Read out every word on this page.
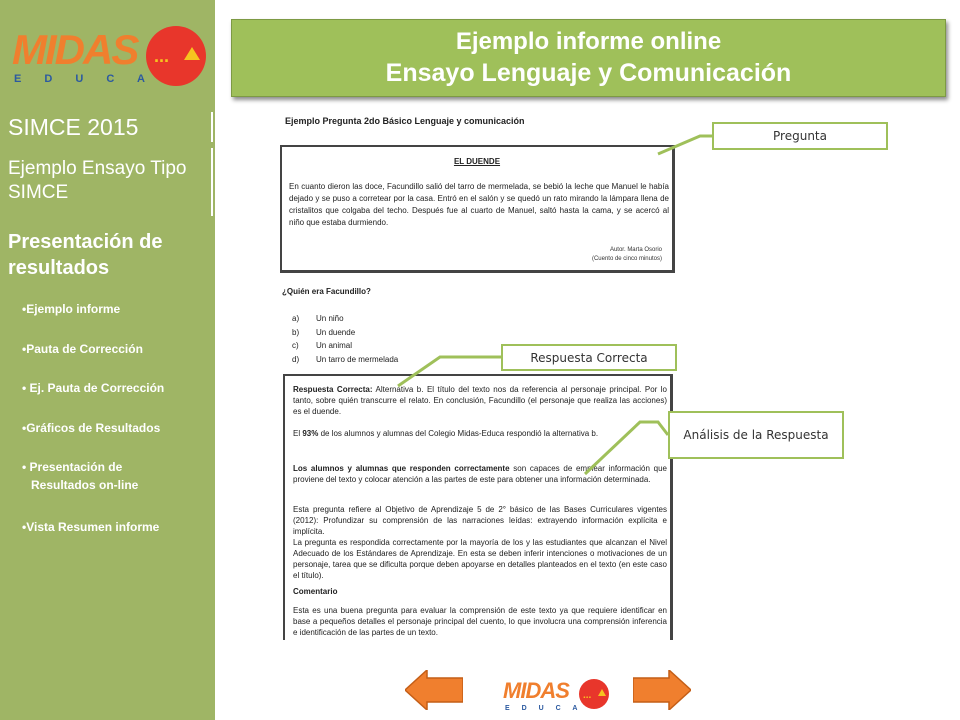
MIDAS ...
E D U C A
SIMCE 2015
Ejemplo Ensayo Tipo SIMCE
Presentación de resultados
•Ejemplo informe
•Pauta de Corrección
• Ej. Pauta de Corrección
•Gráficos de Resultados
• Presentación de
Resultados on-line
•Vista Resumen informe
Ejemplo informe online
Ensayo Lenguaje y Comunicación
Ejemplo Pregunta 2do Básico Lenguaje y comunicación
EL DUENDE
En cuanto dieron las doce, Facundillo salió del tarro de mermelada, se bebió la leche que Manuel le había dejado y se puso a corretear por la casa. Entró en el salón y se quedó un rato mirando la lámpara llena de cristalitos que colgaba del techo. Después fue al cuarto de Manuel, saltó hasta la cama, y se acercó al niño que estaba durmiendo.
Autor. Marta Osorio
(Cuento de cinco minutos)
¿Quién era Facundillo?
a) Un niño
b) Un duende
c) Un animal
d) Un tarro de mermelada
Respuesta Correcta: Alternativa b. El título del texto nos da referencia al personaje principal. Por lo tanto, sobre quién transcurre el relato. En conclusión, Facundillo (el personaje que realiza las acciones) es el duende.
El 93% de los alumnos y alumnas del Colegio Midas-Educa respondió la alternativa b.
Los alumnos y alumnas que responden correctamente son capaces de emplear información que proviene del texto y colocar atención a las partes de este para obtener una información determinada.
Esta pregunta refiere al Objetivo de Aprendizaje 5 de 2° básico de las Bases Curriculares vigentes (2012): Profundizar su comprensión de las narraciones leídas: extrayendo información explícita e implícita.
La pregunta es respondida correctamente por la mayoría de los y las estudiantes que alcanzan el Nivel Adecuado de los Estándares de Aprendizaje. En esta se deben inferir intenciones o motivaciones de un personaje, tarea que se dificulta porque deben apoyarse en detalles planteados en el texto (en este caso el título).
Comentario
Esta es una buena pregunta para evaluar la comprensión de este texto ya que requiere identificar en base a pequeños detalles el personaje principal del cuento, lo que involucra una comprensión inferencia e identificación de las partes de un texto.
Pregunta
Respuesta Correcta
Análisis de la Respuesta
MIDAS ...
E D U C A
